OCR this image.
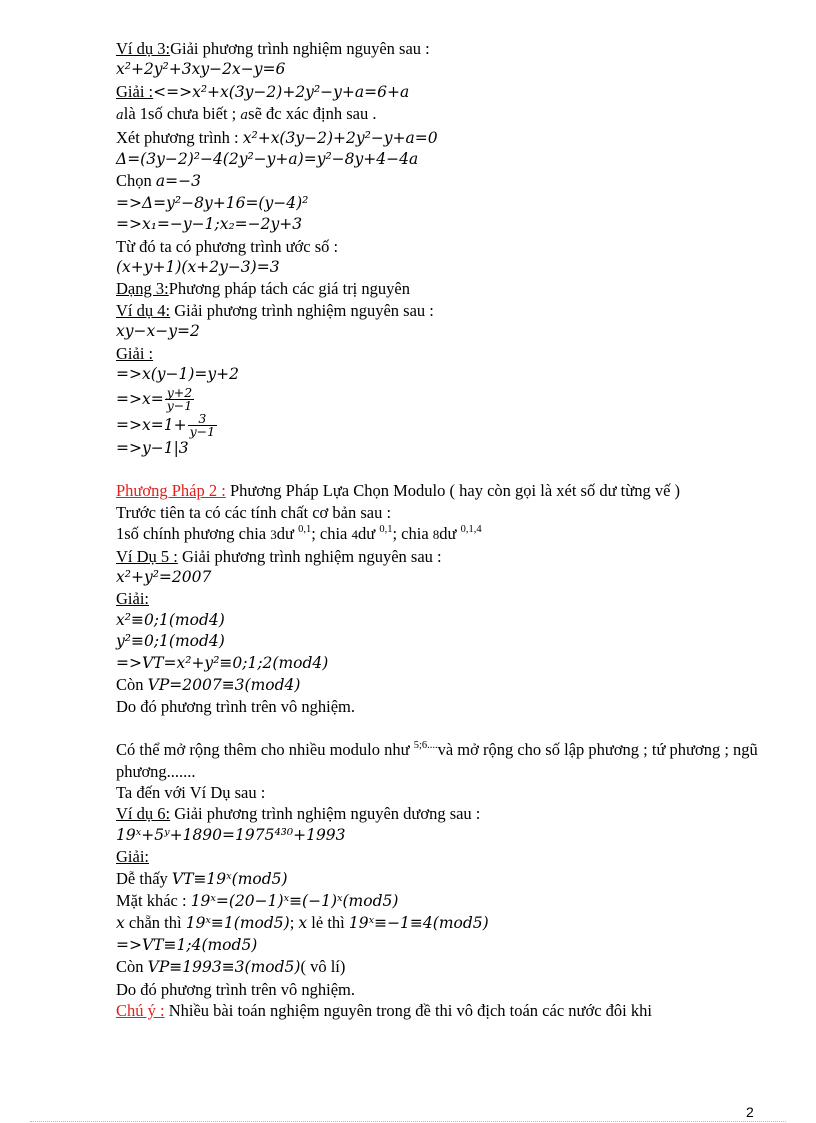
Ví dụ 3:Giải phương trình nghiệm nguyên sau :
x²+2y²+3xy−2x−y=6
Giải :<=>x²+x(3y−2)+2y²−y+a=6+a
alà 1số chưa biết ; asẽ đc xác định sau .
Xét phương trình : x²+x(3y−2)+2y²−y+a=0
Δ=(3y−2)²−4(2y²−y+a)=y²−8y+4−4a
Chọn a=−3
=>Δ=y²−8y+16=(y−4)²
=>x₁=−y−1;x₂=−2y+3
Từ đó ta có phương trình ước số :
(x+y+1)(x+2y−3)=3
Dạng 3:Phương pháp tách các giá trị nguyên
Ví dụ 4: Giải phương trình nghiệm nguyên sau :
xy−x−y=2
Giải :
=>x(y−1)=y+2
$=>x= \frac{y+2}{y-1}$
$=>x=1+ \frac{3}{y-1}$
=>y−1|3
Phương Pháp 2 : Phương Pháp Lựa Chọn Modulo ( hay còn gọi là xét số dư từng vế )
Trước tiên ta có các tính chất cơ bản sau :
1số chính phương chia 3dư $^{0,1}$; chia 4dư $^{0,1}$; chia 8dư $^{0,1,4}$
Ví Dụ 5 : Giải phương trình nghiệm nguyên sau :
x²+y²=2007
Giải:
x²≡0;1(mod4)
y²≡0;1(mod4)
=>VT=x²+y²≡0;1;2(mod4)
Còn VP=2007≡3(mod4)
Do đó phương trình trên vô nghiệm.
Có thể mở rộng thêm cho nhiều modulo như $^{5;6....}$và mở rộng cho số lập phương ; tứ phương ; ngũ phương.......
Ta đến với Ví Dụ sau :
Ví dụ 6: Giải phương trình nghiệm nguyên dương sau :
19ˣ+5ʸ+1890=1975⁴³⁰+1993
Giải:
Dễ thấy VT≡19ˣ(mod5)
Mặt khác : 19ˣ=(20−1)ˣ≡(−1)ˣ(mod5)
x chẵn thì 19ˣ≡1(mod5); x lẻ thì 19ˣ≡−1≡4(mod5)
=>VT≡1;4(mod5)
Còn VP≡1993≡3(mod5)( vô lí)
Do đó phương trình trên vô nghiệm.
Chú ý : Nhiều bài toán nghiệm nguyên trong đề thi vô địch toán các nước đôi khi
2
